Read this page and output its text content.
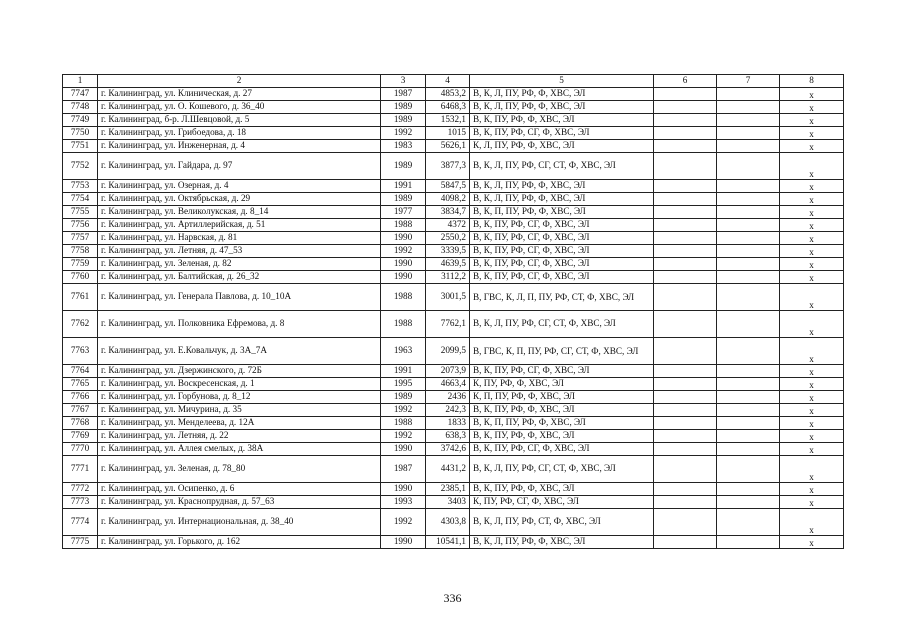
1	2	3	4	5	6	7	8
7747	г. Калининград, ул. Клиническая, д. 27	1987	4853,2	В, К, Л, ПУ, РФ, Ф, ХВС, ЭЛ			х
7748	г. Калининград, ул. О. Кошевого, д. 36_40	1989	6468,3	В, К, Л, ПУ, РФ, Ф, ХВС, ЭЛ			х
7749	г. Калининград, б-р. Л.Шевцовой, д. 5	1989	1532,1	В, К, ПУ, РФ, Ф, ХВС, ЭЛ			х
7750	г. Калининград, ул. Грибоедова, д. 18	1992	1015	В, К, ПУ, РФ, СГ, Ф, ХВС, ЭЛ			х
7751	г. Калининград, ул. Инженерная, д. 4	1983	5626,1	К, Л, ПУ, РФ, Ф, ХВС, ЭЛ			х
7752	г. Калининград, ул. Гайдара, д. 97	1989	3877,3	В, К, Л, ПУ, РФ, СГ, СТ, Ф, ХВС, ЭЛ			х
7753	г. Калининград, ул. Озерная, д. 4	1991	5847,5	В, К, Л, ПУ, РФ, Ф, ХВС, ЭЛ			х
7754	г. Калининград, ул. Октябрьская, д. 29	1989	4098,2	В, К, Л, ПУ, РФ, Ф, ХВС, ЭЛ			х
7755	г. Калининград, ул. Великолукская, д. 8_14	1977	3834,7	В, К, П, ПУ, РФ, Ф, ХВС, ЭЛ			х
7756	г. Калининград, ул. Артиллерийская, д. 51	1988	4372	В, К, ПУ, РФ, СГ, Ф, ХВС, ЭЛ			х
7757	г. Калининград, ул. Нарвская, д. 81	1990	2550,2	В, К, ПУ, РФ, СГ, Ф, ХВС, ЭЛ			х
7758	г. Калининград, ул. Летняя, д. 47_53	1992	3339,5	В, К, ПУ, РФ, СГ, Ф, ХВС, ЭЛ			х
7759	г. Калининград, ул. Зеленая, д. 82	1990	4639,5	В, К, ПУ, РФ, СГ, Ф, ХВС, ЭЛ			х
7760	г. Калининград, ул. Балтийская, д. 26_32	1990	3112,2	В, К, ПУ, РФ, СГ, Ф, ХВС, ЭЛ			х
7761	г. Калининград, ул. Генерала Павлова, д. 10_10А	1988	3001,5	В, ГВС, К, Л, П, ПУ, РФ, СТ, Ф, ХВС, ЭЛ			х
7762	г. Калининград, ул. Полковника Ефремова, д. 8	1988	7762,1	В, К, Л, ПУ, РФ, СГ, СТ, Ф, ХВС, ЭЛ			х
7763	г. Калининград, ул. Е.Ковальчук, д. 3А_7А	1963	2099,5	В, ГВС, К, П, ПУ, РФ, СГ, СТ, Ф, ХВС, ЭЛ			х
7764	г. Калининград, ул. Дзержинского, д. 72Б	1991	2073,9	В, К, ПУ, РФ, СГ, Ф, ХВС, ЭЛ			х
7765	г. Калининград, ул. Воскресенская, д. 1	1995	4663,4	К, ПУ, РФ, Ф, ХВС, ЭЛ			х
7766	г. Калининград, ул. Горбунова, д. 8_12	1989	2436	К, П, ПУ, РФ, Ф, ХВС, ЭЛ			х
7767	г. Калининград, ул. Мичурина, д. 35	1992	242,3	В, К, ПУ, РФ, Ф, ХВС, ЭЛ			х
7768	г. Калининград, ул. Менделеева, д. 12А	1988	1833	В, К, П, ПУ, РФ, Ф, ХВС, ЭЛ			х
7769	г. Калининград, ул. Летняя, д. 22	1992	638,3	В, К, ПУ, РФ, Ф, ХВС, ЭЛ			х
7770	г. Калининград, ул. Аллея смелых, д. 38А	1990	3742,6	В, К, ПУ, РФ, СГ, Ф, ХВС, ЭЛ			х
7771	г. Калининград, ул. Зеленая, д. 78_80	1987	4431,2	В, К, Л, ПУ, РФ, СГ, СТ, Ф, ХВС, ЭЛ			х
7772	г. Калининград, ул. Осипенко, д. 6	1990	2385,1	В, К, ПУ, РФ, Ф, ХВС, ЭЛ			х
7773	г. Калининград, ул. Краснопрудная, д. 57_63	1993	3403	К, ПУ, РФ, СГ, Ф, ХВС, ЭЛ			х
7774	г. Калининград, ул. Интернациональная, д. 38_40	1992	4303,8	В, К, Л, ПУ, РФ, СТ, Ф, ХВС, ЭЛ			х
7775	г. Калининград, ул. Горького, д. 162	1990	10541,1	В, К, Л, ПУ, РФ, Ф, ХВС, ЭЛ			х
336
